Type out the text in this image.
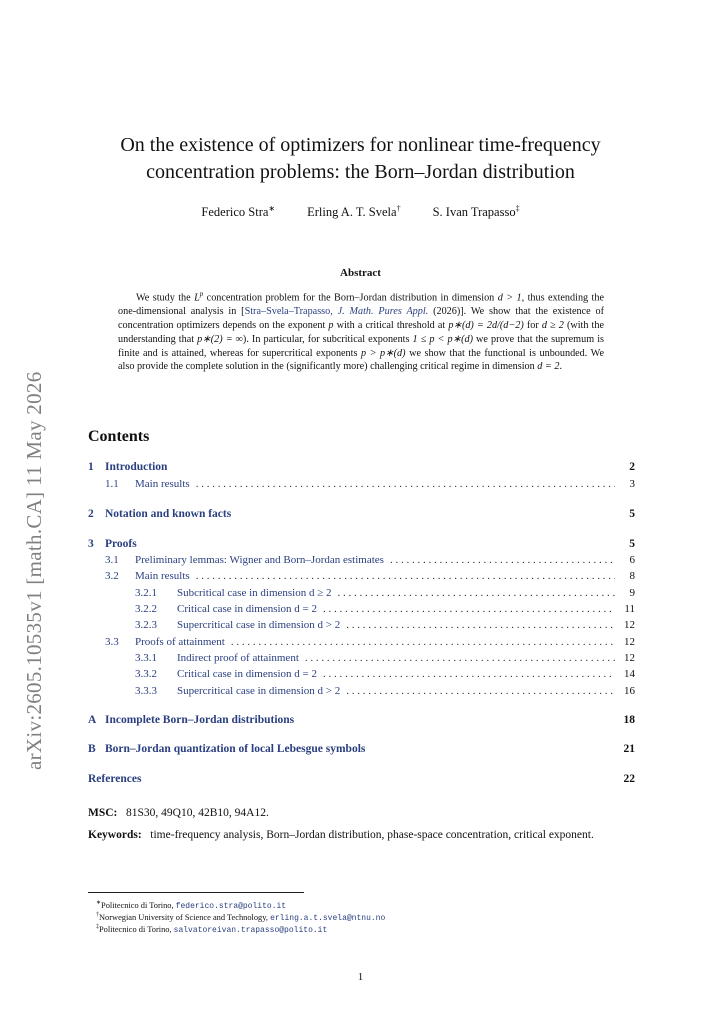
arXiv:2605.10535v1 [math.CA] 11 May 2026
On the existence of optimizers for nonlinear time-frequency
concentration problems: the Born–Jordan distribution
Federico Stra∗	Erling A. T. Svela†	S. Ivan Trapasso‡
Abstract
We study the $L^p$ concentration problem for the Born–Jordan distribution in dimension d > 1, thus extending the one-dimensional analysis in [Stra–Svela–Trapasso, J. Math. Pures Appl. (2026)]. We show that the existence of concentration optimizers depends on the exponent p with a critical threshold at p∗(d) = 2d/(d−2) for d ≥ 2 (with the understanding that p∗(2) = ∞). In particular, for subcritical exponents 1 ≤ p < p∗(d) we prove that the supremum is finite and is attained, whereas for supercritical exponents p > p∗(d) we show that the functional is unbounded. We also provide the complete solution in the (significantly more) challenging critical regime in dimension d = 2.
Contents
1 Introduction	2
1.1	Main results . . .	3
2 Notation and known facts	5
3 Proofs	5
3.1	Preliminary lemmas: Wigner and Born–Jordan estimates . . .	6
3.2	Main results . . .	8
3.2.1	Subcritical case in dimension d ≥ 2 . . .	9
3.2.2	Critical case in dimension d = 2 . . .	11
3.2.3	Supercritical case in dimension d > 2 . . .	12
3.3	Proofs of attainment . . .	12
3.3.1	Indirect proof of attainment . . .	12
3.3.2	Critical case in dimension d = 2 . . .	14
3.3.3	Supercritical case in dimension d > 2 . . .	16
A Incomplete Born–Jordan distributions	18
B Born–Jordan quantization of local Lebesgue symbols	21
References	22
MSC: 81S30, 49Q10, 42B10, 94A12.
Keywords: time-frequency analysis, Born–Jordan distribution, phase-space concentration, critical exponent.
∗Politecnico di Torino, federico.stra@polito.it
†Norwegian University of Science and Technology, erling.a.t.svela@ntnu.no
‡Politecnico di Torino, salvatoreivan.trapasso@polito.it
1
